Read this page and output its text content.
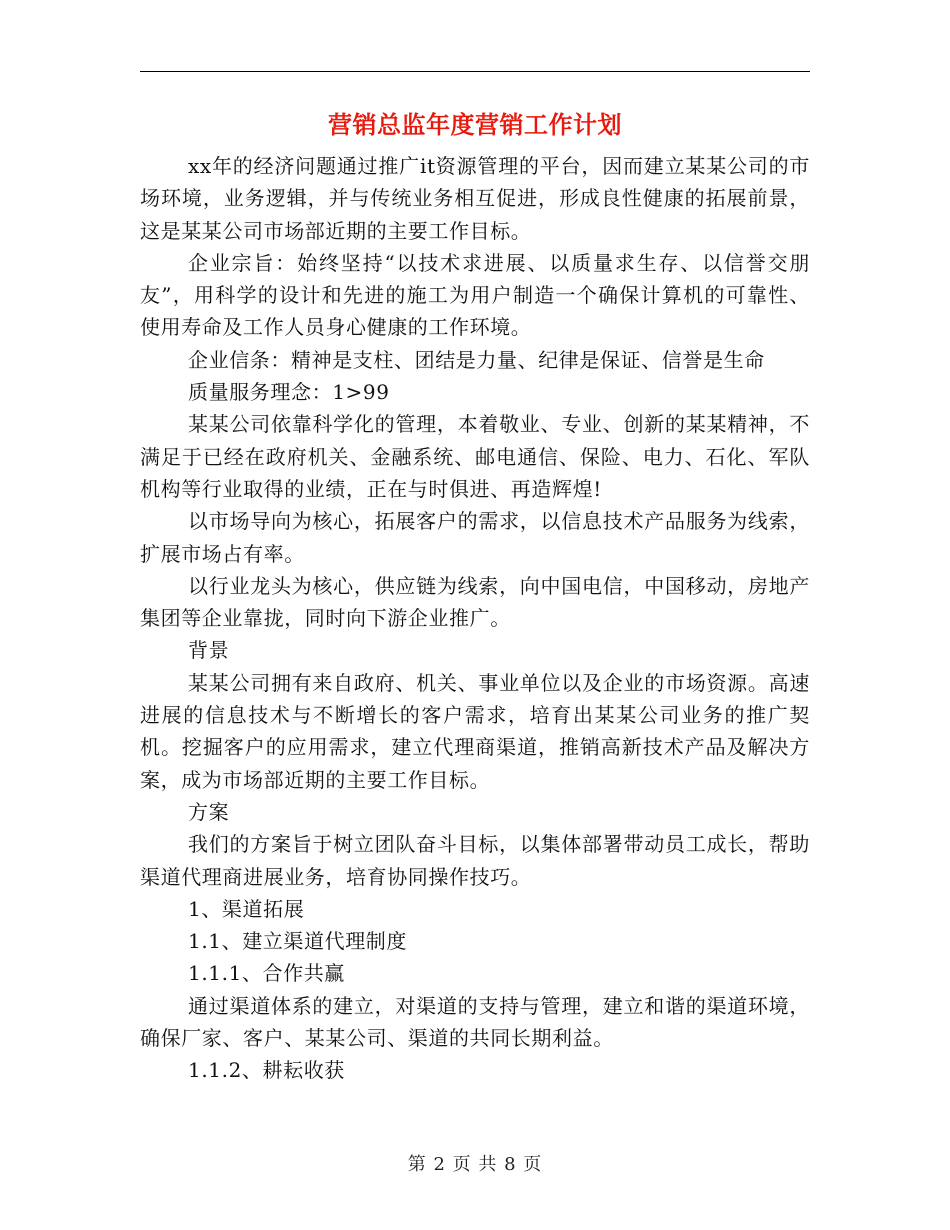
营销总监年度营销工作计划

xx年的经济问题通过推广it资源管理的平台，因而建立某某公司的市场环境，业务逻辑，并与传统业务相互促进，形成良性健康的拓展前景，这是某某公司市场部近期的主要工作目标。

企业宗旨：始终坚持“以技术求进展、以质量求生存、以信誉交朋友”，用科学的设计和先进的施工为用户制造一个确保计算机的可靠性、使用寿命及工作人员身心健康的工作环境。

企业信条：精神是支柱、团结是力量、纪律是保证、信誉是生命

质量服务理念：1>99

某某公司依靠科学化的管理，本着敬业、专业、创新的某某精神，不满足于已经在政府机关、金融系统、邮电通信、保险、电力、石化、军队机构等行业取得的业绩，正在与时俱进、再造辉煌!

以市场导向为核心，拓展客户的需求，以信息技术产品服务为线索，扩展市场占有率。

以行业龙头为核心，供应链为线索，向中国电信，中国移动，房地产集团等企业靠拢，同时向下游企业推广。

背景

某某公司拥有来自政府、机关、事业单位以及企业的市场资源。高速进展的信息技术与不断增长的客户需求，培育出某某公司业务的推广契机。挖掘客户的应用需求，建立代理商渠道，推销高新技术产品及解决方案，成为市场部近期的主要工作目标。

方案

我们的方案旨于树立团队奋斗目标，以集体部署带动员工成长，帮助渠道代理商进展业务，培育协同操作技巧。

1、渠道拓展

1.1、建立渠道代理制度

1.1.1、合作共赢

通过渠道体系的建立，对渠道的支持与管理，建立和谐的渠道环境，确保厂家、客户、某某公司、渠道的共同长期利益。

1.1.2、耕耘收获

第 2 页 共 8 页
